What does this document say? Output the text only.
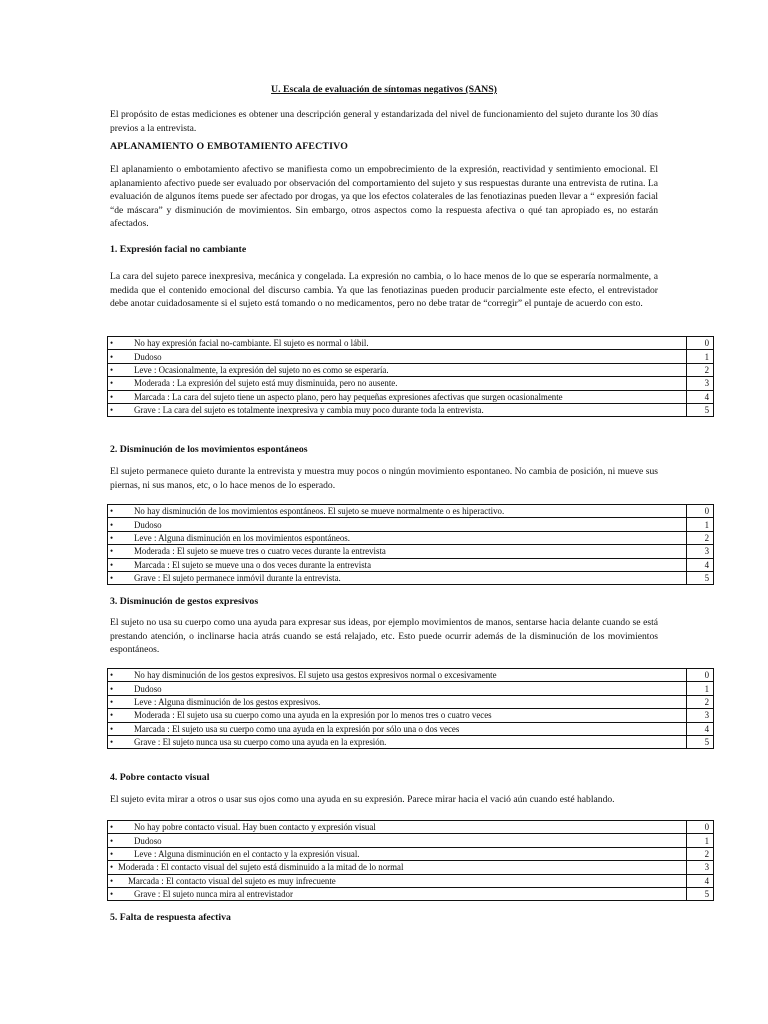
U. Escala de evaluación de síntomas negativos (SANS)
El propósito de estas mediciones es obtener una descripción general y estandarizada del nivel de funcionamiento del sujeto durante los 30 días previos a la entrevista.
APLANAMIENTO O EMBOTAMIENTO AFECTIVO
El aplanamiento o embotamiento afectivo se manifiesta como un empobrecimiento de la expresión, reactividad y sentimiento emocional. El aplanamiento afectivo puede ser evaluado por observación del comportamiento del sujeto y sus respuestas durante una entrevista de rutina. La evaluación de algunos ítems puede ser afectado por drogas, ya que los efectos colaterales de las fenotiazinas pueden llevar a “ expresión facial “de máscara” y disminución de movimientos. Sin embargo, otros aspectos como la respuesta afectiva o qué tan apropiado es, no estarán afectados.
1. Expresión facial no cambiante
La cara del sujeto parece inexpresiva, mecánica y congelada. La expresión no cambia, o lo hace menos de lo que se esperaría normalmente, a medida que el contenido emocional del discurso cambia. Ya que las fenotiazinas pueden producir parcialmente este efecto, el entrevistador debe anotar cuidadosamente si el sujeto está tomando o no medicamentos, pero no debe tratar de “corregir” el puntaje de acuerdo con esto.
• No hay expresión facial no-cambiante. El sujeto es normal o lábil.	0
• Dudoso	1
• Leve : Ocasionalmente, la expresión del sujeto no es como se esperaría.	2
• Moderada : La expresión del sujeto está muy disminuida, pero no ausente.	3
• Marcada : La cara del sujeto tiene un aspecto plano, pero hay pequeñas expresiones afectivas que surgen ocasionalmente	4
• Grave : La cara del sujeto es totalmente inexpresiva y cambia muy poco durante toda la entrevista.	5
2. Disminución de los movimientos espontáneos
El sujeto permanece quieto durante la entrevista y muestra muy pocos o ningún movimiento espontaneo. No cambia de posición, ni mueve sus piernas, ni sus manos, etc, o lo hace menos de lo esperado.
• No hay disminución de los movimientos espontáneos. El sujeto se mueve normalmente o es hiperactivo.	0
• Dudoso	1
• Leve : Alguna disminución en los movimientos espontáneos.	2
• Moderada : El sujeto se mueve tres o cuatro veces durante la entrevista	3
• Marcada : El sujeto se mueve una o dos veces durante la entrevista	4
• Grave : El sujeto permanece inmóvil durante la entrevista.	5
3. Disminución de gestos expresivos
El sujeto no usa su cuerpo como una ayuda para expresar sus ideas, por ejemplo movimientos de manos, sentarse hacia delante cuando se está prestando atención, o inclinarse hacia atrás cuando se está relajado, etc. Esto puede ocurrir además de la disminución de los movimientos espontáneos.
• No hay disminución de los gestos expresivos. El sujeto usa gestos expresivos normal o excesivamente	0
• Dudoso	1
• Leve : Alguna disminución de los gestos expresivos.	2
• Moderada : El sujeto usa su cuerpo como una ayuda en la expresión por lo menos tres o cuatro veces	3
• Marcada : El sujeto usa su cuerpo como una ayuda en la expresión por sólo una o dos veces	4
• Grave : El sujeto nunca usa su cuerpo como una ayuda en la expresión.	5
4. Pobre contacto visual
El sujeto evita mirar a otros o usar sus ojos como una ayuda en su expresión. Parece mirar hacia el vació aún cuando esté hablando.
• No hay pobre contacto visual. Hay buen contacto y expresión visual	0
• Dudoso	1
• Leve : Alguna disminución en el contacto y la expresión visual.	2
• Moderada : El contacto visual del sujeto está disminuido a la mitad de lo normal	3
• Marcada : El contacto visual del sujeto es muy infrecuente	4
• Grave : El sujeto nunca mira al entrevistador	5
5. Falta de respuesta afectiva
